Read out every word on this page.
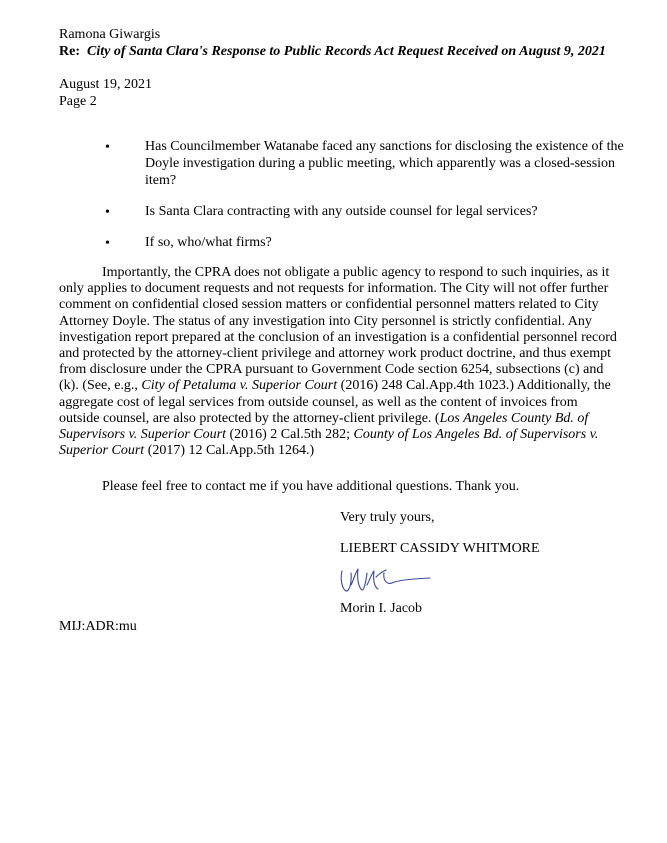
Ramona Giwargis
Re: City of Santa Clara's Response to Public Records Act Request Received on August 9, 2021
August 19, 2021
Page 2
•	Has Councilmember Watanabe faced any sanctions for disclosing the existence of the Doyle investigation during a public meeting, which apparently was a closed-session item?
•	Is Santa Clara contracting with any outside counsel for legal services?
•	If so, who/what firms?
Importantly, the CPRA does not obligate a public agency to respond to such inquiries, as it only applies to document requests and not requests for information. The City will not offer further comment on confidential closed session matters or confidential personnel matters related to City Attorney Doyle. The status of any investigation into City personnel is strictly confidential. Any investigation report prepared at the conclusion of an investigation is a confidential personnel record and protected by the attorney-client privilege and attorney work product doctrine, and thus exempt from disclosure under the CPRA pursuant to Government Code section 6254, subsections (c) and (k). (See, e.g., City of Petaluma v. Superior Court (2016) 248 Cal.App.4th 1023.) Additionally, the aggregate cost of legal services from outside counsel, as well as the content of invoices from outside counsel, are also protected by the attorney-client privilege. (Los Angeles County Bd. of Supervisors v. Superior Court (2016) 2 Cal.5th 282; County of Los Angeles Bd. of Supervisors v. Superior Court (2017) 12 Cal.App.5th 1264.)
Please feel free to contact me if you have additional questions. Thank you.
Very truly yours,
LIEBERT CASSIDY WHITMORE
Morin I. Jacob
MIJ:ADR:mu
